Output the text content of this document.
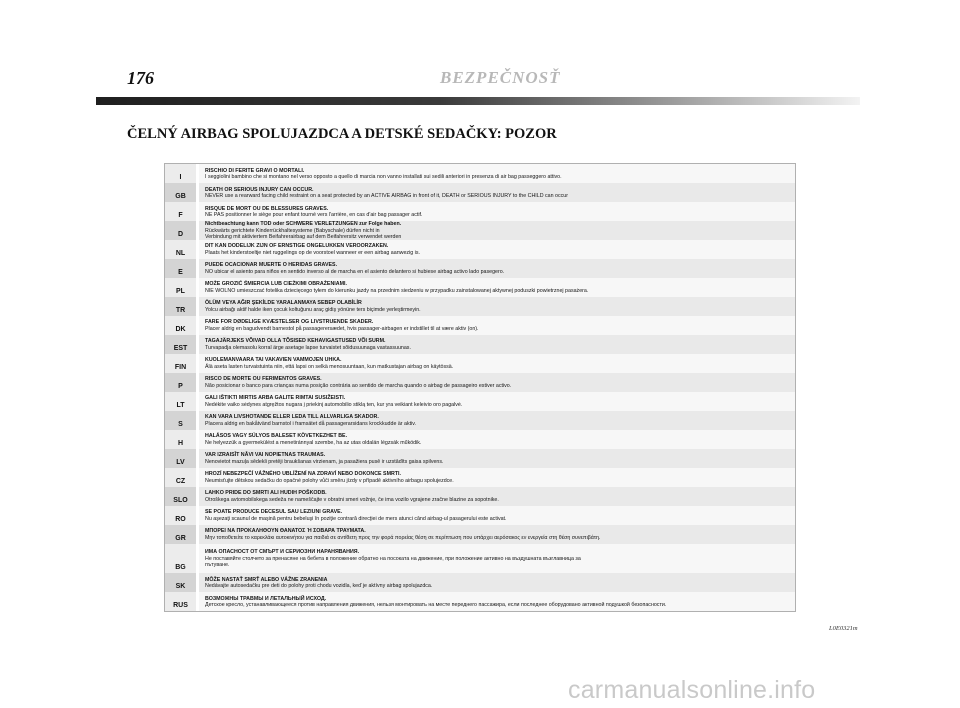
176	BEZPEČNOSŤ
ČELNÝ AIRBAG SPOLUJAZDCA A DETSKÉ SEDAČKY: POZOR
I
RISCHIO DI FERITE GRAVI O MORTALI.
I seggiolini bambino che si montano nel verso opposto a quello di marcia non vanno installati sui sedili anteriori in presenza di air bag passeggero attivo.
GB
DEATH OR SERIOUS INJURY CAN OCCUR.
NEVER use a rearward facing child restraint on a seat protected by an ACTIVE AIRBAG in front of it, DEATH or SERIOUS INJURY to the CHILD can occur
F
RISQUE DE MORT OU DE BLESSURES GRAVES.
NE PAS positionner le siège pour enfant tourné vers l'arrière, en cas d'air bag passager actif.
D
Nichtbeachtung kann TOD oder SCHWERE VERLETZUNGEN zur Folge haben.
Rückwärts gerichtete Kinderrückhaltesysteme (Babyschale) dürfen nicht in
Verbindung mit aktiviertem Beifahrerairbag auf dem Beifahrersitz verwendet werden
NL
DIT KAN DODELIJK ZIJN OF ERNSTIGE ONGELUKKEN VEROORZAKEN.
Plaats het kinderstoeltje niet ruggelings op de voorstoel wanneer er een airbag aanwezig is.
E
PUEDE OCACIONAR MUERTE O HERIDAS GRAVES.
NO ubicar el asiento para niños en sentido inverso al de marcha en el asiento delantero si hubiese airbag activo lado pasegero.
PL
MOŻE GROZIĆ ŚMIERCIA LUB CIEŻKIMI OBRAŻENIAMI.
NIE WOLNO umieszczać fotelika dziecięcego tyłem do kierunku jazdy na przednim siedzeniu w przypadku zainstalowanej aktywnej poduszki powietrznej pasażera.
TR
ÖLÜM VEYA AĞIR ŞEKİLDE YARALANMAYA SEBEP OLABİLİR
Yolcu airbağı aktif halde iken çocuk koltuğunu araç gidiş yönüne ters biçimde yerleştirmeyin.
DK
FARE FOR DØDELIGE KVÆSTELSER OG LIVSTRUENDE SKADER.
Placer aldrig en bagudvendt barnestol på passagerersædet, hvis passager-airbagen er indstillet til at være aktiv (on).
EST
TAGAJÄRJEKS VÕIVAD OLLA TÕSISED KEHAVIGASTUSED VÕI SURM.
Turvapadja olemasolu korral ärge asetage lapse turvaistet sõidusuunaga vastassuunas.
FIN
KUOLEMANVAARA TAI VAKAVIEN VAMMOJEN UHKA.
Älä aseta lasten turvaistuinta niin, että lapsi on selkä menosuuntaan, kun matkustajan airbag on käytössä.
P
RISCO DE MORTE OU FERIMENTOS GRAVES.
Não posicionar o banco para crianças numa posição contrária ao sentido de marcha quando o airbag de passageiro estiver activo.
LT
GALI IŠTIKTI MIRTIS ARBA GALITE RIMTAI SUSIŽEISTI.
Nedėkite vaiko sėdynes atgręžtos nugara į priekinį automobilio stiklą ten, kur yra veikiant keleivio oro pagalvė.
S
KAN VARA LIVSHOTANDE ELLER LEDA TILL ALLVARLIGA SKADOR.
Placera aldrig en bakåtvänd barnstol i framsätet då passagerarsidans krockkudde är aktiv.
H
HALÁSOS VAGY SÚLYOS BALESET KÖVETKEZHET BE.
Ne helyezzük a gyermekülést a menetiránnyal szembe, ha az utas oldalán légzsák működik.
LV
VAR IZRAISĪT NĀVI VAI NOPIETNAS TRAUMAS.
Nenovietot mazuļa sēdekli pretēji braukšanas virzienam, ja pasažiera pusē ir uzstādīts gaisa spilvens.
CZ
HROZÍ NEBEZPEČÍ VÁŽNÉHO UBLÍŽENÍ NA ZDRAVÍ NEBO DOKONCE SMRTI.
Neumisťujte dětskou sedačku do opačné polohy vůči směru jízdy v případě aktivního airbagu spolujezdce.
SLO
LAHKO PRIDE DO SMRTI ALI HUDIH POŠKODB.
Otroškega avtomobilskega sedeža ne nameščajte v obratni smeri vožnje, če ima vozilo vgrajene zračne blazine za sopotnike.
RO
SE POATE PRODUCE DECESUL SAU LEZIUNI GRAVE.
Nu aşezaţi scaunul de maşină pentru bebeluşi în poziţie contrară direcţiei de mers atunci când airbag-ul pasagerului este activat.
GR
ΜΠΟΡΕΙ ΝΑ ΠΡΟΚΑΛΗΘΟΥΝ ΘΑΝΑΤΟΣ Ή ΣΟΒΑΡΑ ΤΡΑΥΜΑΤΑ.
Μην τοποθετείτε το καρεκλάκι αυτοκινήτου για παιδιά σε αντίθετη προς την φορά πορείας θέση σε περίπτωση που υπάρχει αερόσακος εν ενεργεία στη θέση συνεπιβάτη.
BG
ИМА ОПАСНОСТ ОТ СМЪРТ И СЕРИОЗНИ НАРАНЯВАНИЯ.
Не поставяйте столчето за пренасяне на бебета в положение обратно на посоката на движение, при положение активно на въздушната възглавница за
пътуване.
SK
MÔŽE NASTAŤ SMRŤ ALEBO VÁŽNE ZRANENIA
Nedávajte autosedačku pre deti do polohy proti chodu vozidla, keď je aktívny airbag spolujazdca.
RUS
ВОЗМОЖНЫ ТРАВМЫ И ЛЕТАЛЬНЫЙ ИСХОД.
Детское кресло, устанавливающееся против направления движения, нельзя монтировать на месте переднего пассажира, если последнее оборудовано активной подушкой безопасности.
L0E0321m
carmanualsonline.info
